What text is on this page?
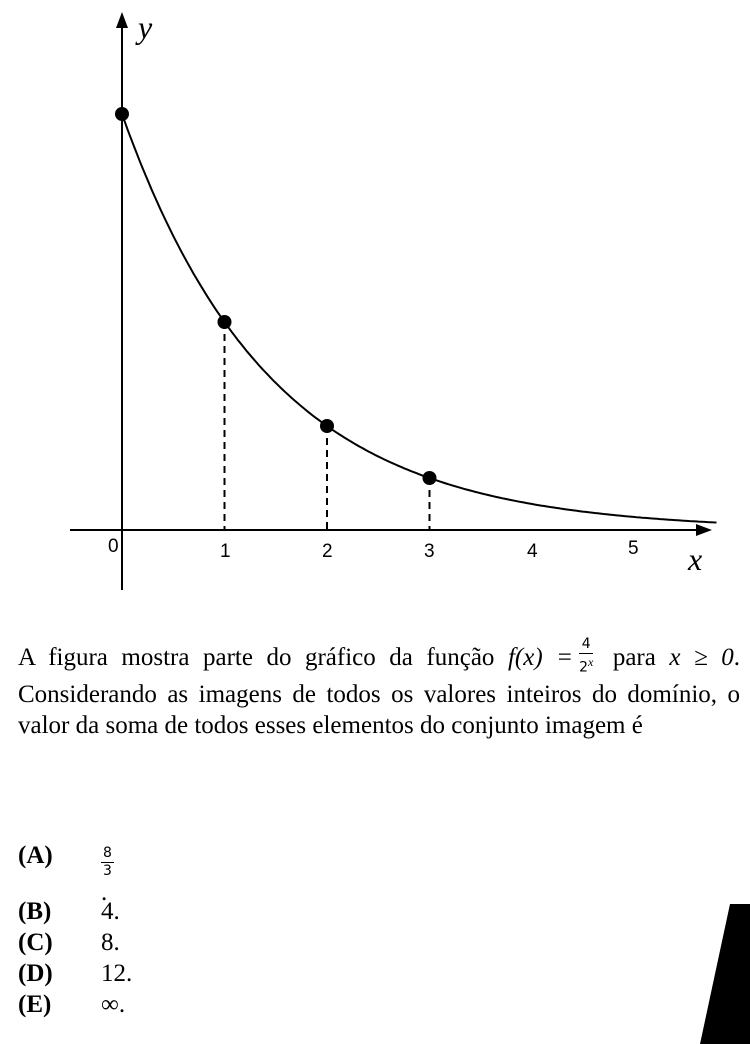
y
x
0	1	2	3	4	5
A figura mostra parte do gráfico da função $f(x) = \frac{4}{2^x}$ para x ≥ 0. Considerando as imagens de todos os valores inteiros do domínio, o valor da soma de todos esses elementos do conjunto imagem é
(A)	$\frac{8}{3}$
.
(B) 4.
(C) 8.
(D) 12.
(E) ∞.
